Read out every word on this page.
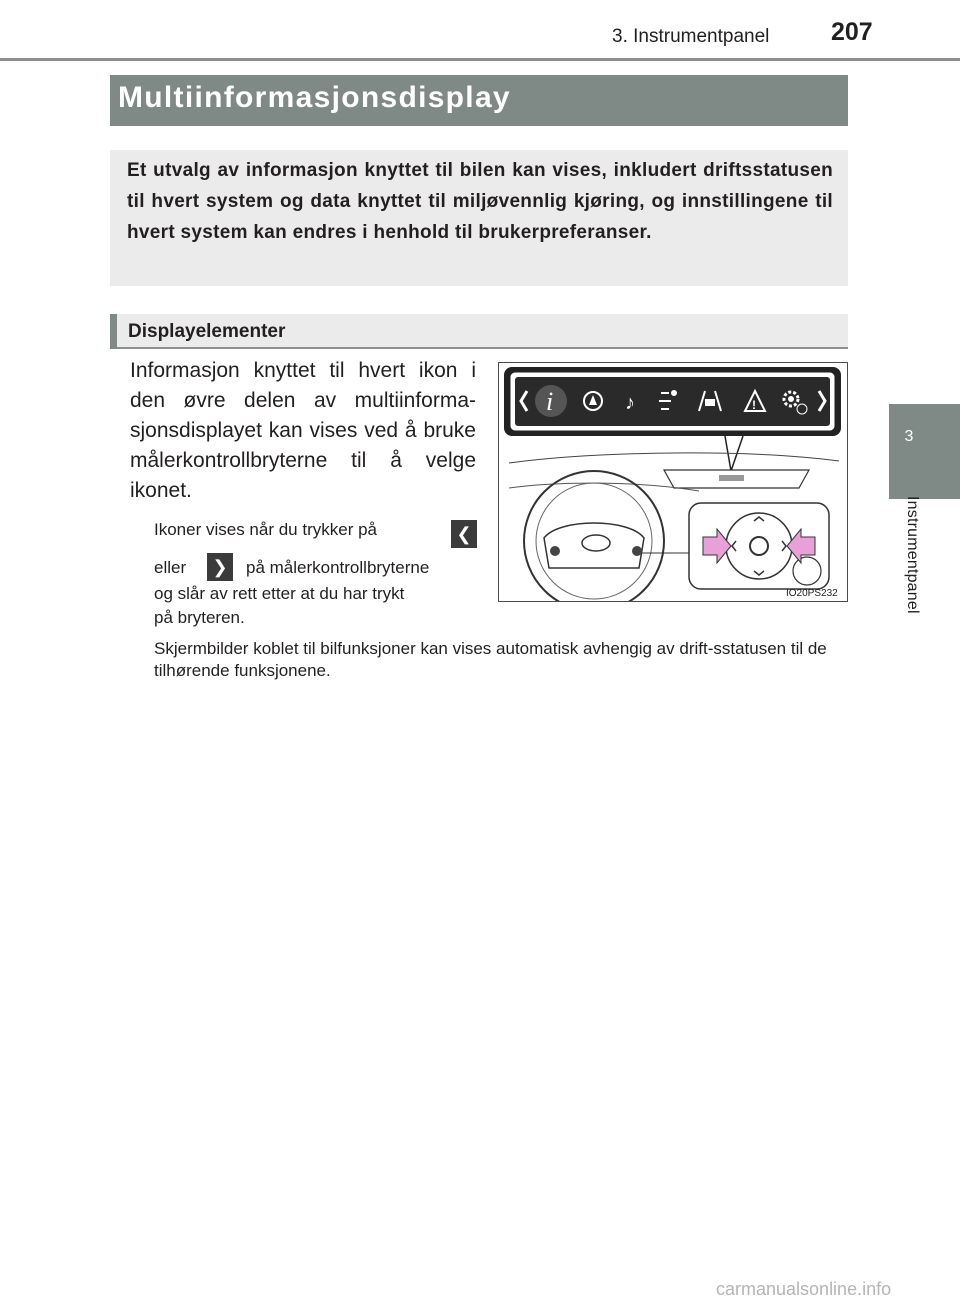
3. Instrumentpanel 207
3
Instrumentpanel
Multiinformasjonsdisplay
Et utvalg av informasjon knyttet til bilen kan vises, inkludert driftsstatusen til hvert system og data knyttet til miljøvennlig kjøring, og innstillingene til hvert system kan endres i henhold til brukerpreferanser.
Displayelementer
Informasjon knyttet til hvert ikon i den øvre delen av multiinforma-sjonsdisplayet kan vises ved å bruke målerkontrollbryterne til å velge ikonet.
Ikoner vises når du trykker på	❮
eller	❯	på målerkontrollbryterne
og slår av rett etter at du har trykt
på bryteren.
Skjermbilder koblet til bilfunksjoner kan vises automatisk avhengig av drift-sstatusen til de tilhørende funksjonene.
i	♪	!
IO20PS232
carmanualsonline.info
